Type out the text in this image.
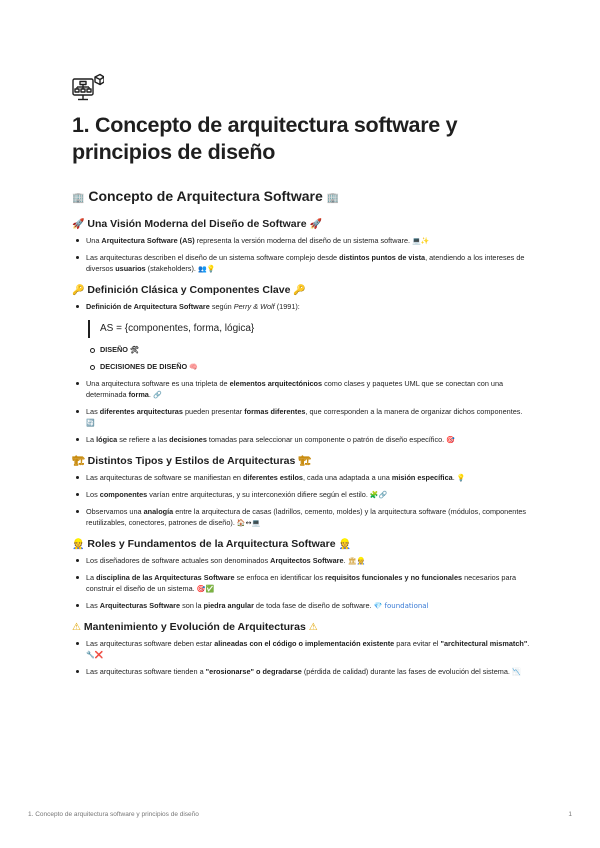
1. Concepto de arquitectura software y principios de diseño
🏢 Concepto de Arquitectura Software 🏢
🚀 Una Visión Moderna del Diseño de Software 🚀
Una Arquitectura Software (AS) representa la versión moderna del diseño de un sistema software. 💻✨
Las arquitecturas describen el diseño de un sistema software complejo desde distintos puntos de vista, atendiendo a los intereses de diversos usuarios (stakeholders). 👥💡
🔑 Definición Clásica y Componentes Clave 🔑
Definición de Arquitectura Software según Perry & Wolf (1991):
AS = {componentes, forma, lógica}
DISEÑO 🛠
DECISIONES DE DISEÑO 🧠
Una arquitectura software es una tripleta de elementos arquitectónicos como clases y paquetes UML que se conectan con una determinada forma. 🔗
Las diferentes arquitecturas pueden presentar formas diferentes, que corresponden a la manera de organizar dichos componentes. 🔄
La lógica se refiere a las decisiones tomadas para seleccionar un componente o patrón de diseño específico. 🎯
🏗 Distintos Tipos y Estilos de Arquitecturas 🏗
Las arquitecturas de software se manifiestan en diferentes estilos, cada una adaptada a una misión específica. 💡
Los componentes varían entre arquitecturas, y su interconexión difiere según el estilo. 🧩🔗
Observamos una analogía entre la arquitectura de casas (ladrillos, cemento, moldes) y la arquitectura software (módulos, componentes reutilizables, conectores, patrones de diseño). 🏠↔💻
👷 Roles y Fundamentos de la Arquitectura Software 👷
Los diseñadores de software actuales son denominados Arquitectos Software. 🏛👷
La disciplina de las Arquitecturas Software se enfoca en identificar los requisitos funcionales y no funcionales necesarios para construir el diseño de un sistema. 🎯✅
Las Arquitecturas Software son la piedra angular de toda fase de diseño de software. 💎 foundational
⚠ Mantenimiento y Evolución de Arquitecturas ⚠
Las arquitecturas software deben estar alineadas con el código o implementación existente para evitar el "architectural mismatch". 🔧❌
Las arquitecturas software tienden a "erosionarse" o degradarse (pérdida de calidad) durante las fases de evolución del sistema. 📉
1. Concepto de arquitectura software y principios de diseño	1
